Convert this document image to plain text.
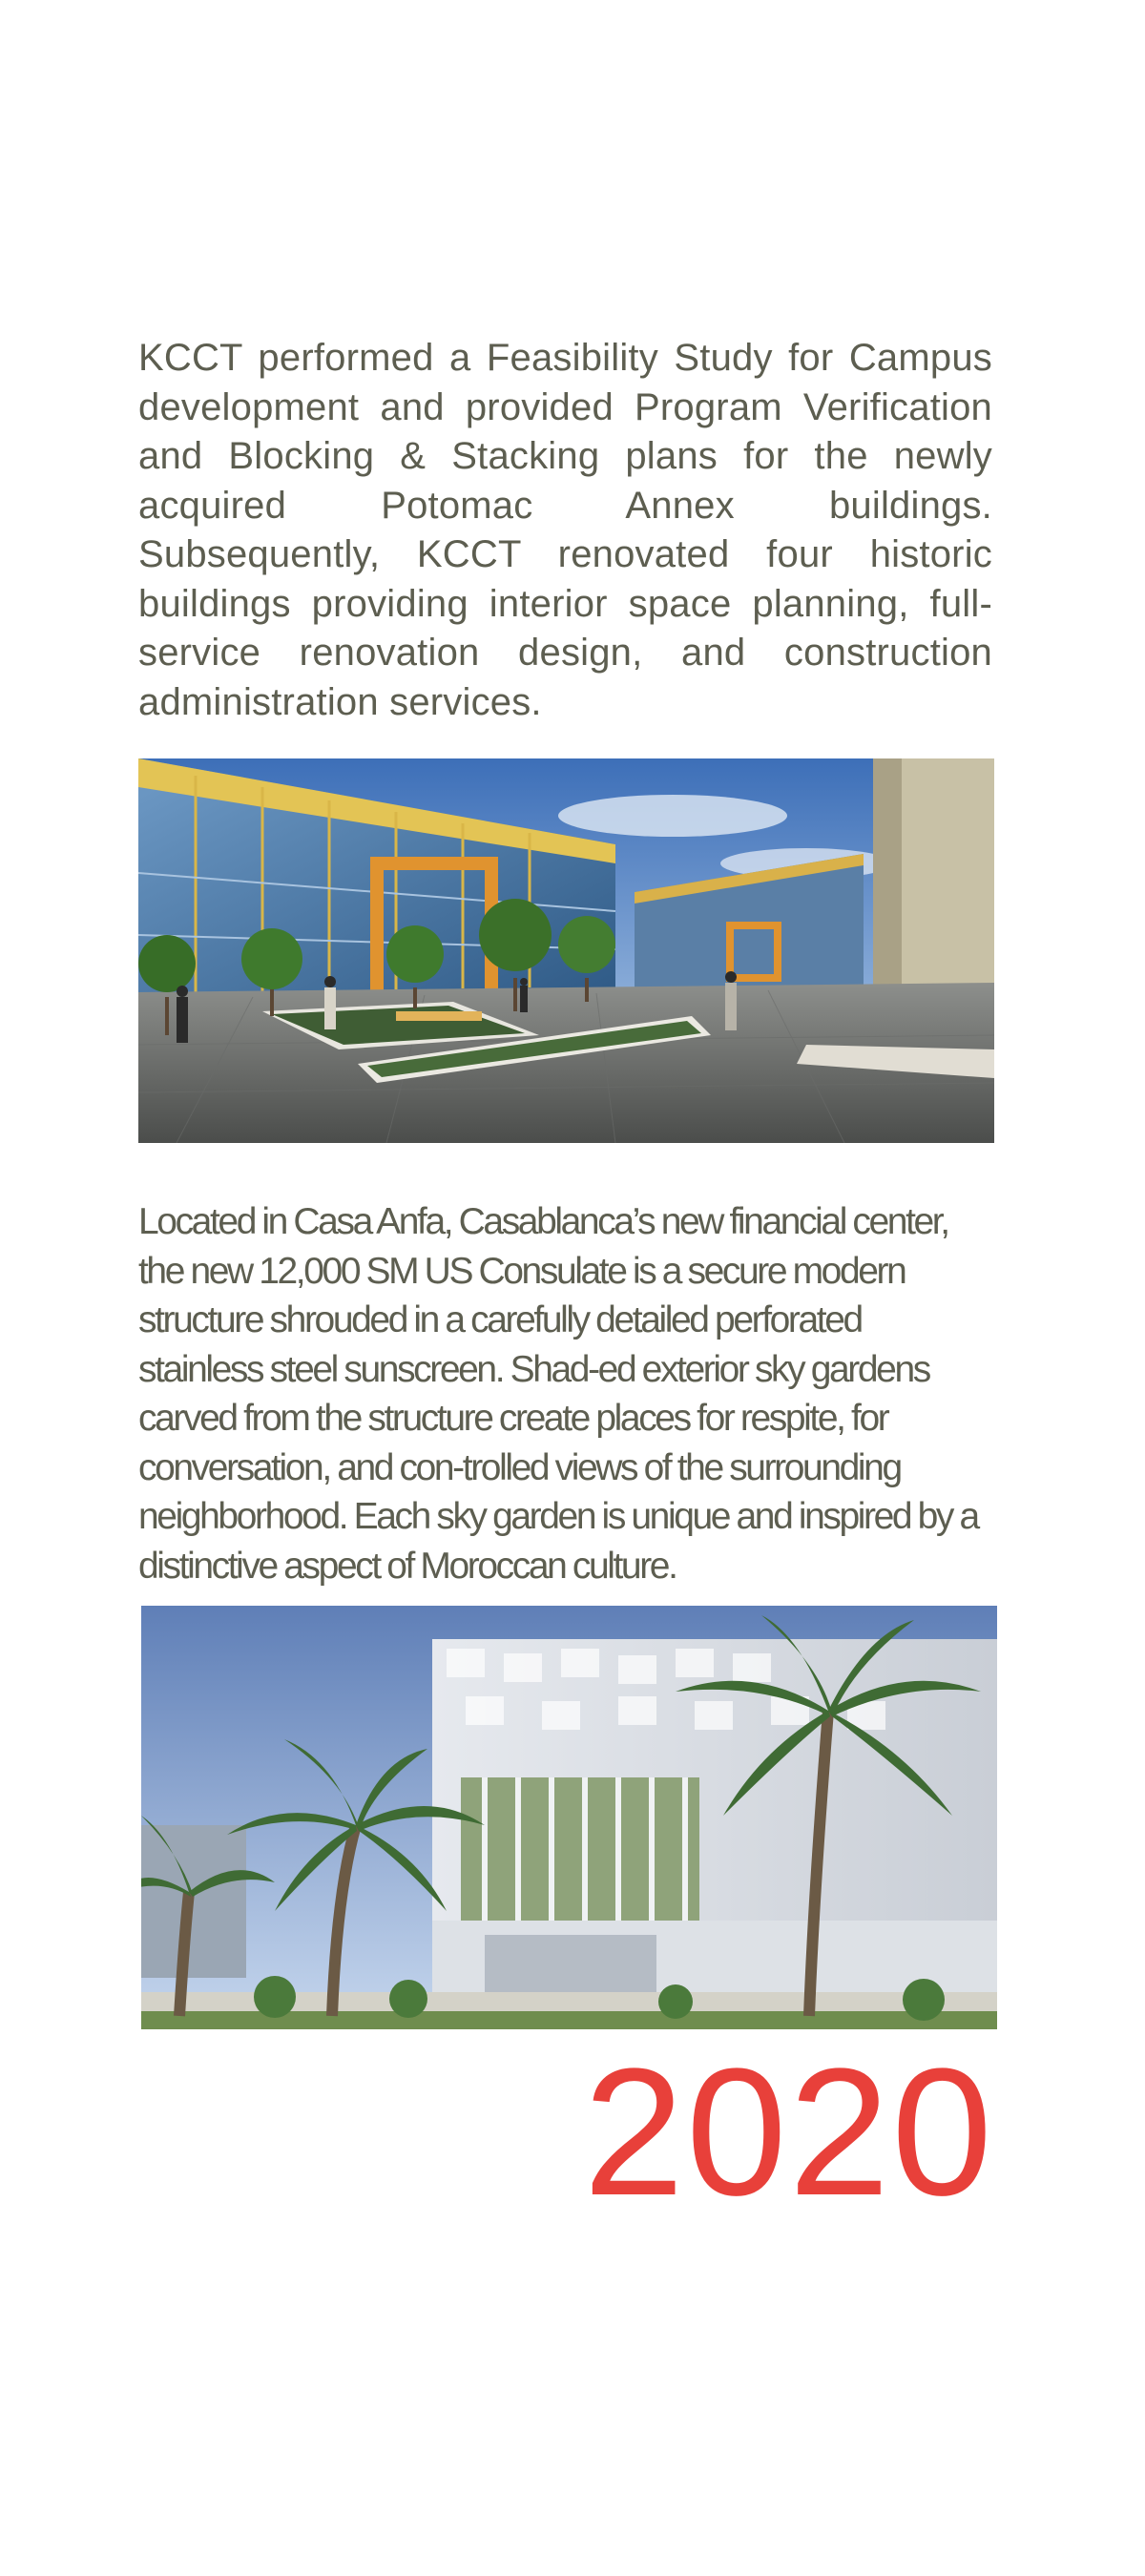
KCCT performed a Feasibility Study for Campus development and provided Program Verification and Blocking & Stacking plans for the newly acquired Potomac Annex buildings. Subsequently, KCCT renovated four historic buildings providing interior space planning, full-service renovation design, and construction administration services.

Located in Casa Anfa, Casablanca’s new financial center, the new 12,000 SM US Consulate is a secure modern structure shrouded in a carefully detailed perforated stainless steel sunscreen. Shad-ed exterior sky gardens carved from the structure create places for respite, for conversation, and con-trolled views of the surrounding neighborhood. Each sky garden is unique and inspired by a distinctive aspect of Moroccan culture.

2020
